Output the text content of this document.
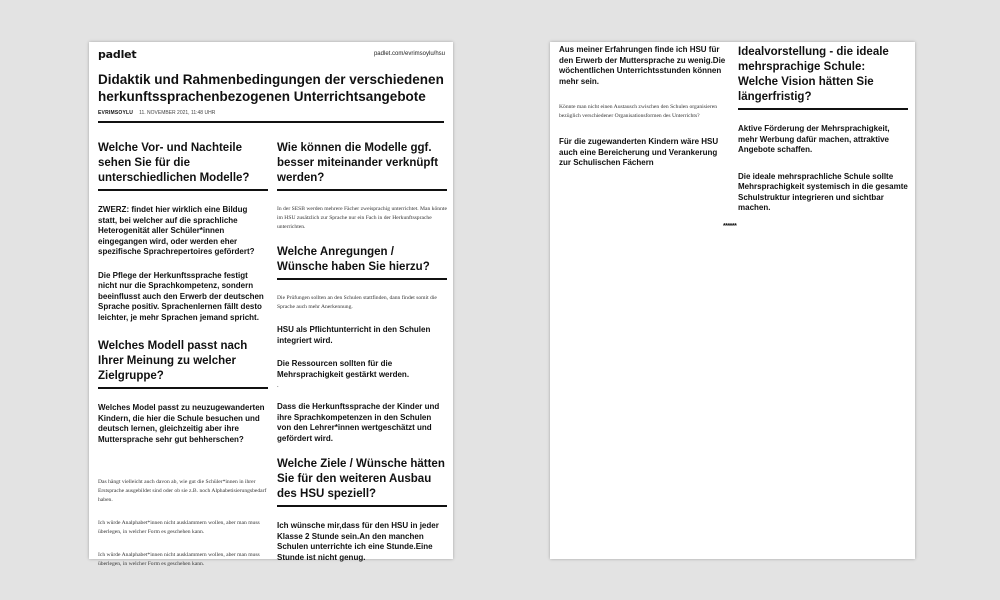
padlet	padlet.com/evrimsoylu/hsu
Didaktik und Rahmenbedingungen der verschiedenen herkunftssprachenbezogenen Unterrichtsangebote
EVRIMSOYLU 11. NOVEMBER 2021, 11:48 UHR
Welche Vor- und Nachteile sehen Sie für die unterschiedlichen Modelle?
ZWERZ: findet hier wirklich eine Bildug statt, bei welcher auf die sprachliche Heterogenität aller Schüler*innen eingegangen wird, oder werden eher spezifische Sprachrepertoires gefördert?
Die Pflege der Herkunftssprache festigt nicht nur die Sprachkompetenz, sondern beeinflusst auch den Erwerb der deutschen Sprache positiv. Sprachenlernen fällt desto leichter, je mehr Sprachen jemand spricht.
Welches Modell passt nach Ihrer Meinung zu welcher Zielgruppe?
Welches Model passt zu neuzugewanderten Kindern, die hier die Schule besuchen und deutsch lernen, gleichzeitig aber ihre Muttersprache sehr gut behherschen?
Das hängt vielleicht auch davon ab, wie gut die Schüler*innen in ihrer Erstsprache ausgebildet sind oder ob sie z.B. noch Alphabetisierungsbedarf haben.
Ich würde Analphabet*innen nicht ausklammern wollen, aber man muss überlegen, in welcher Form es geschehen kann.
Ich würde Analphabet*innen nicht ausklammern wollen, aber man muss überlegen, in welcher Form es geschehen kann.
Wie können die Modelle ggf. besser miteinander verknüpft werden?
In der SESB werden mehrere Fächer zweisprachig unterrichtet. Man könnte im HSU zusätzlich zur Sprache nur ein Fach in der Herkunftssprache unterrichten.
Welche Anregungen / Wünsche haben Sie hierzu?
Die Prüfungen sollten an den Schulen stattfinden, dann findet somit die Sprache auch mehr Anerkennung.
HSU als Pflichtunterricht in den Schulen integriert wird.
Die Ressourcen sollten für die Mehrsprachigkeit gestärkt werden.
.
Dass die Herkunftssprache der Kinder und ihre Sprachkompetenzen in den Schulen von den Lehrer*innen wertgeschätzt und gefördert wird.
Welche Ziele / Wünsche hätten Sie für den weiteren Ausbau des HSU speziell?
Ich wünsche mir,dass für den HSU in jeder Klasse 2 Stunde sein.An den manchen Schulen unterrichte ich eine Stunde.Eine Stunde ist nicht genug.
Aus meiner Erfahrungen finde ich HSU für den Erwerb der Muttersprache zu wenig.Die wöchentlichen Unterrichtsstunden können mehr sein.
Könnte man nicht einen Austausch zwischen den Schulen organisieren bezüglich verschiedener Organisationsformen des Unterrichts?
Für die zugewanderten Kindern wäre HSU auch eine Bereicherung und Verankerung zur Schulischen Fächern
Idealvorstellung - die ideale mehrsprachige Schule: Welche Vision hätten Sie längerfristig?
Aktive Förderung der Mehrsprachigkeit, mehr Werbung dafür machen, attraktive Angebote schaffen.
Die ideale mehrsprachliche Schule sollte Mehrsprachigkeit systemisch in die gesamte Schulstruktur integrieren und sichtbar machen.
******
